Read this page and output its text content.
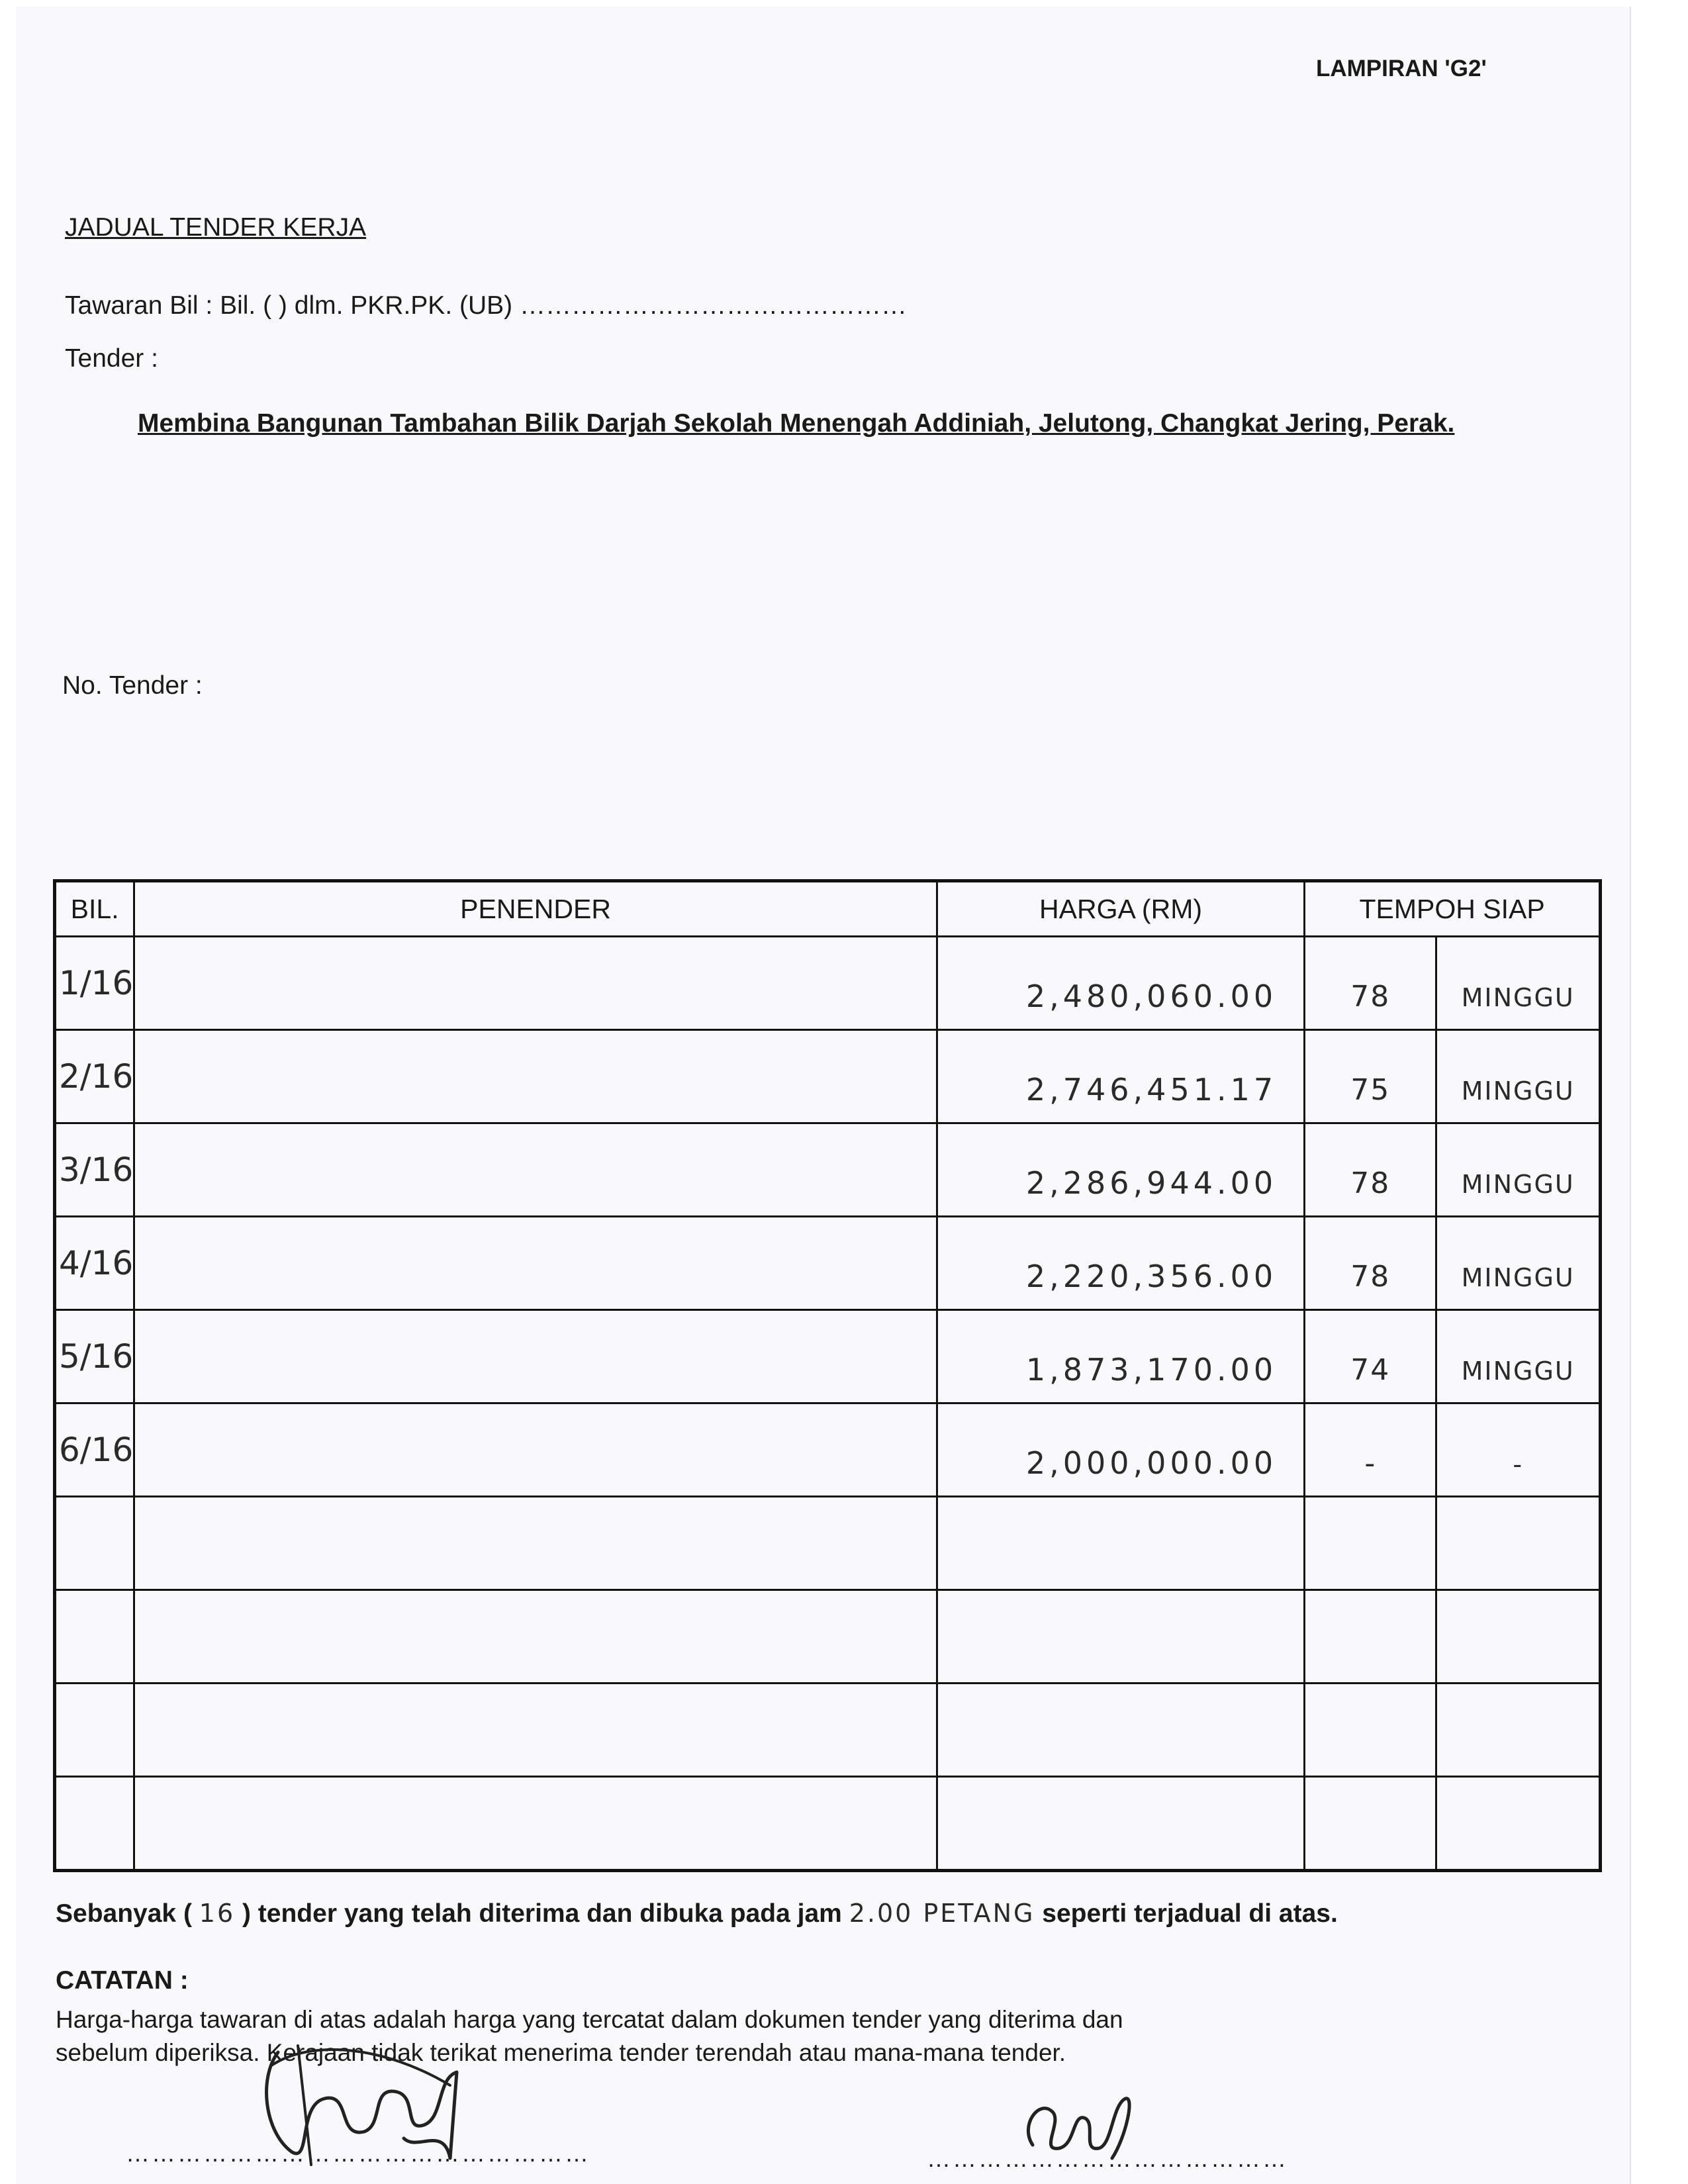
LAMPIRAN 'G2'
JADUAL TENDER KERJA
Tawaran Bil : Bil. ( ) dlm. PKR.PK. (UB) ………………………………………
Tender :
Membina Bangunan Tambahan Bilik Darjah Sekolah Menengah Addiniah, Jelutong, Changkat Jering, Perak.
No. Tender :
BIL.	PENENDER	HARGA (RM)	TEMPOH SIAP	
1/16		2,480,060.00	78	MINGGU

2/16		2,746,451.17	75	MINGGU

3/16		2,286,944.00	78	MINGGU

4/16		2,220,356.00	78	MINGGU

5/16		1,873,170.00	74	MINGGU

6/16		2,000,000.00	-	-

Sebanyak ( 16 ) tender yang telah diterima dan dibuka pada jam 2.00 PETANG seperti terjadual di atas.
CATATAN :
Harga-harga tawaran di atas adalah harga yang tercatat dalam dokumen tender yang diterima dan
sebelum diperiksa. Kerajaan tidak terikat menerima tender terendah atau mana-mana tender.
………………………………………………	……………………………………
